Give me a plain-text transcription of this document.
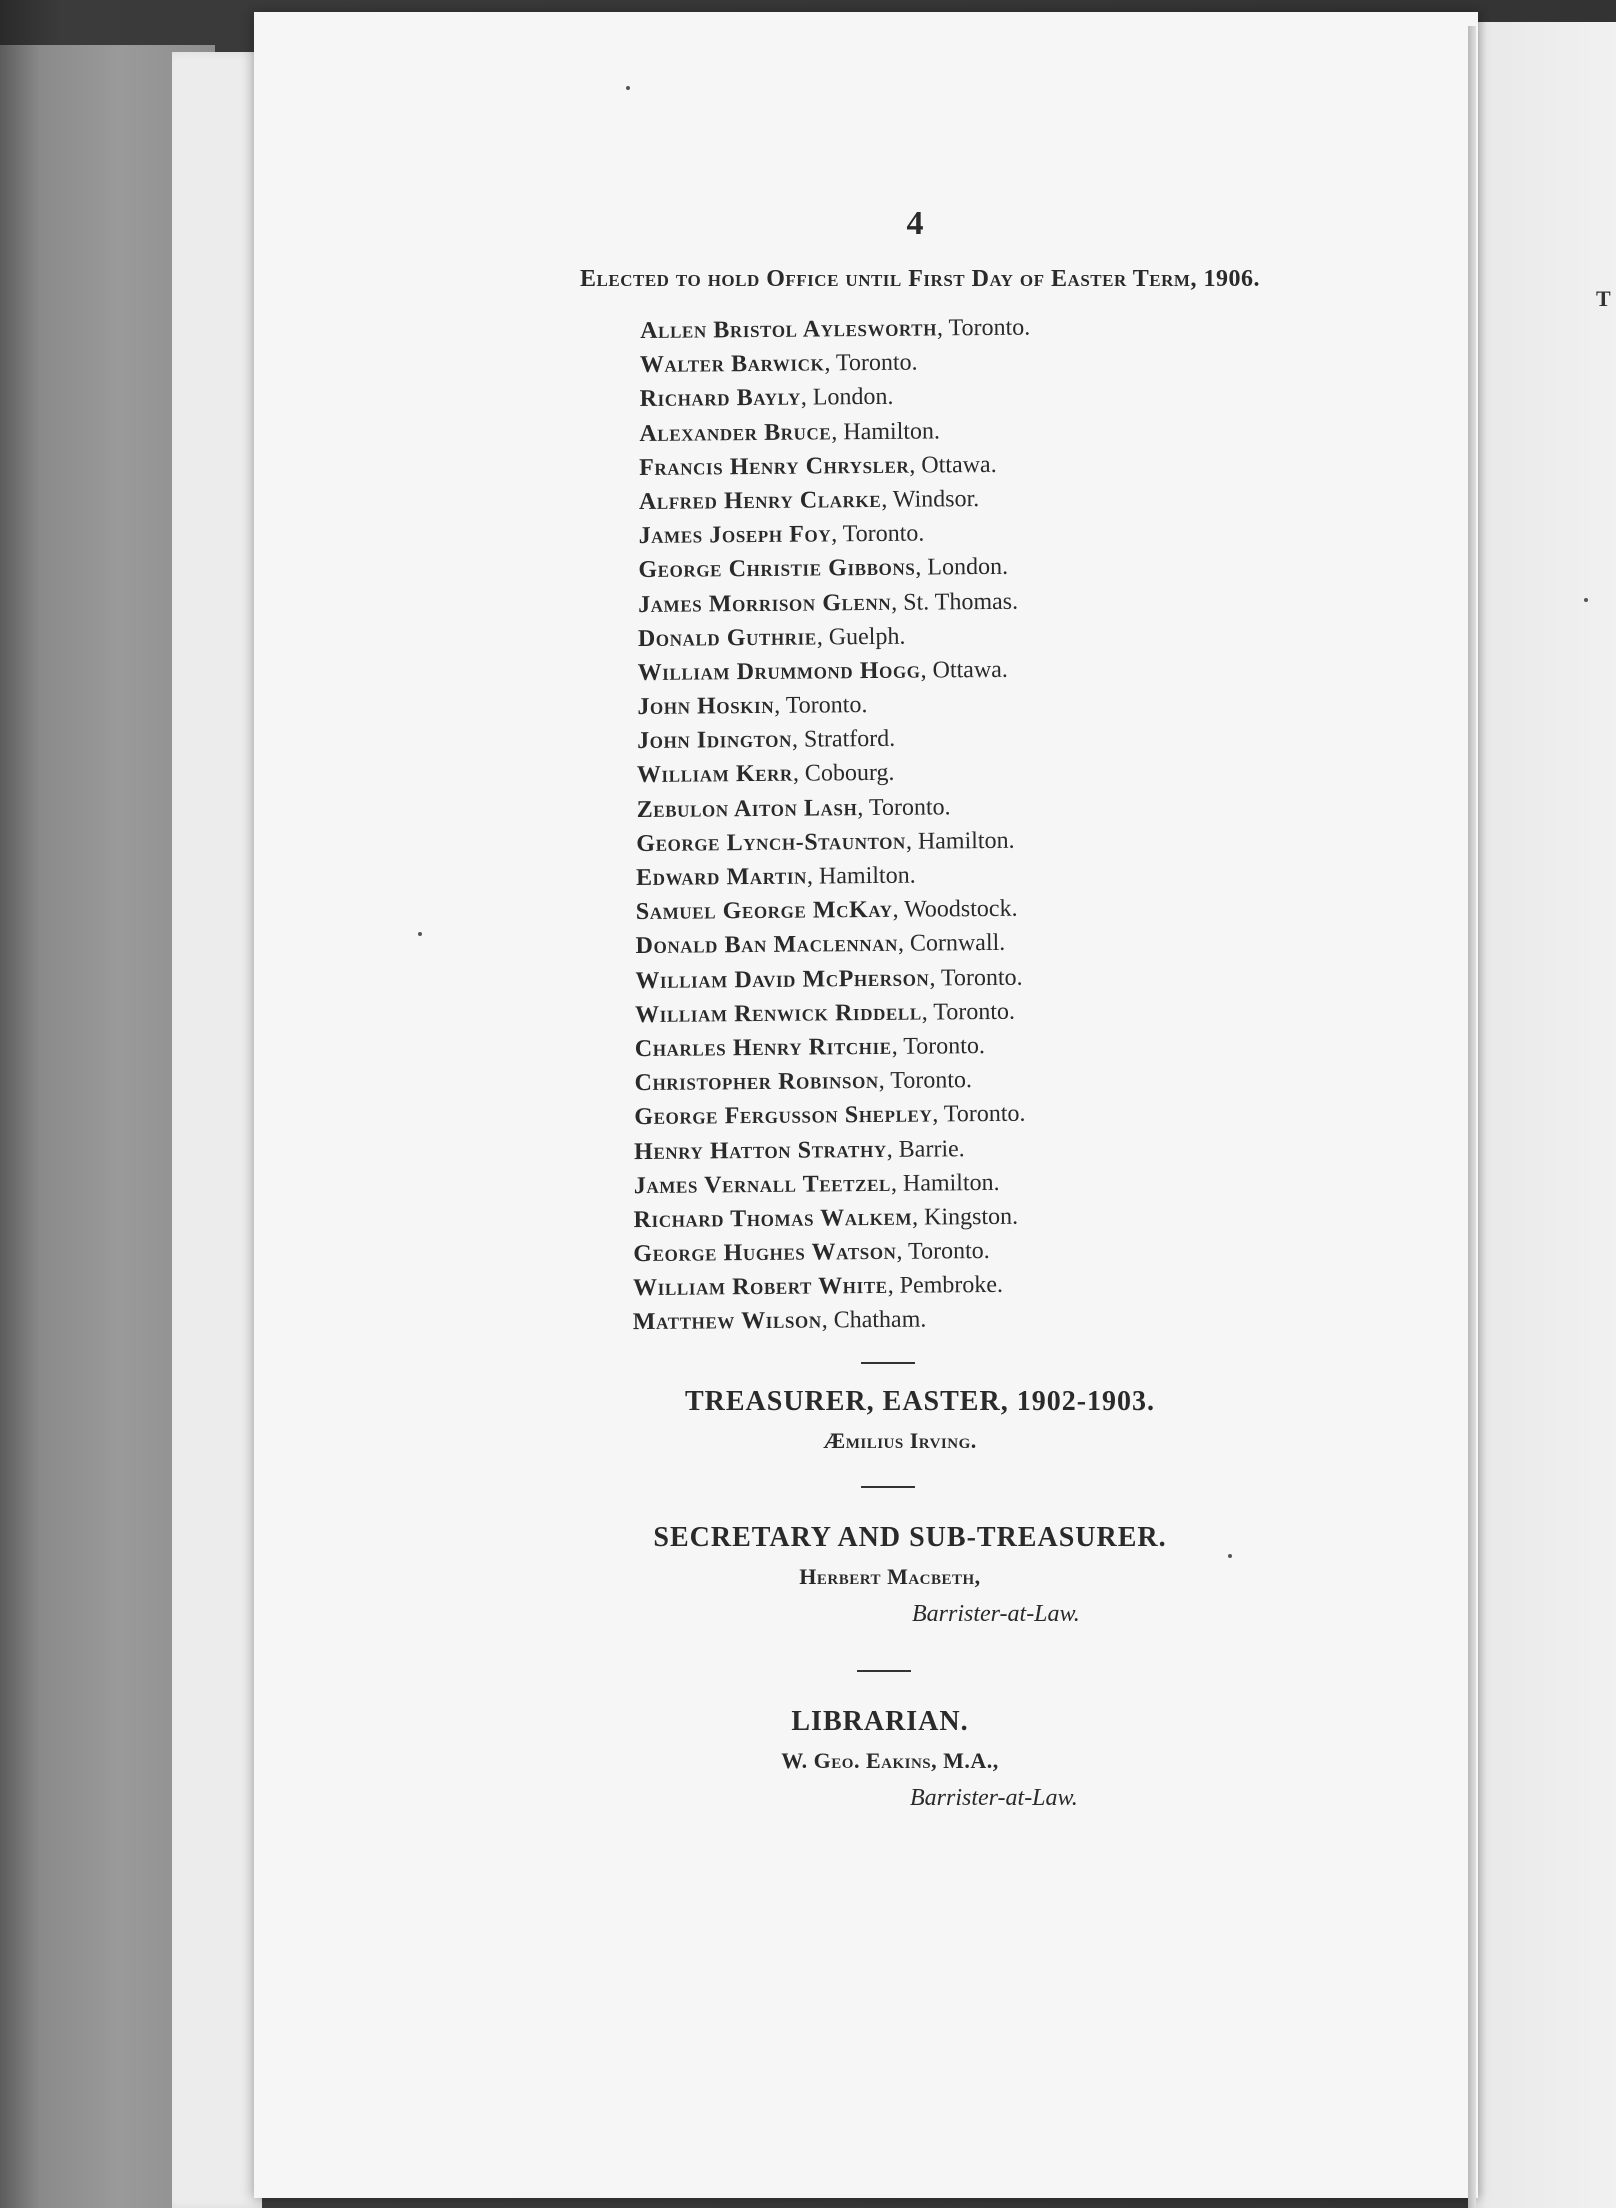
T
4
Elected to hold Office until First Day of Easter Term, 1906.
Allen Bristol Aylesworth, Toronto.
Walter Barwick, Toronto.
Richard Bayly, London.
Alexander Bruce, Hamilton.
Francis Henry Chrysler, Ottawa.
Alfred Henry Clarke, Windsor.
James Joseph Foy, Toronto.
George Christie Gibbons, London.
James Morrison Glenn, St. Thomas.
Donald Guthrie, Guelph.
William Drummond Hogg, Ottawa.
John Hoskin, Toronto.
John Idington, Stratford.
William Kerr, Cobourg.
Zebulon Aiton Lash, Toronto.
George Lynch-Staunton, Hamilton.
Edward Martin, Hamilton.
Samuel George McKay, Woodstock.
Donald Ban Maclennan, Cornwall.
William David McPherson, Toronto.
William Renwick Riddell, Toronto.
Charles Henry Ritchie, Toronto.
Christopher Robinson, Toronto.
George Fergusson Shepley, Toronto.
Henry Hatton Strathy, Barrie.
James Vernall Teetzel, Hamilton.
Richard Thomas Walkem, Kingston.
George Hughes Watson, Toronto.
William Robert White, Pembroke.
Matthew Wilson, Chatham.
TREASURER, EASTER, 1902-1903.
Æmilius Irving.
SECRETARY AND SUB-TREASURER.
Herbert Macbeth,
Barrister-at-Law.
LIBRARIAN.
W. Geo. Eakins, M.A.,
Barrister-at-Law.
